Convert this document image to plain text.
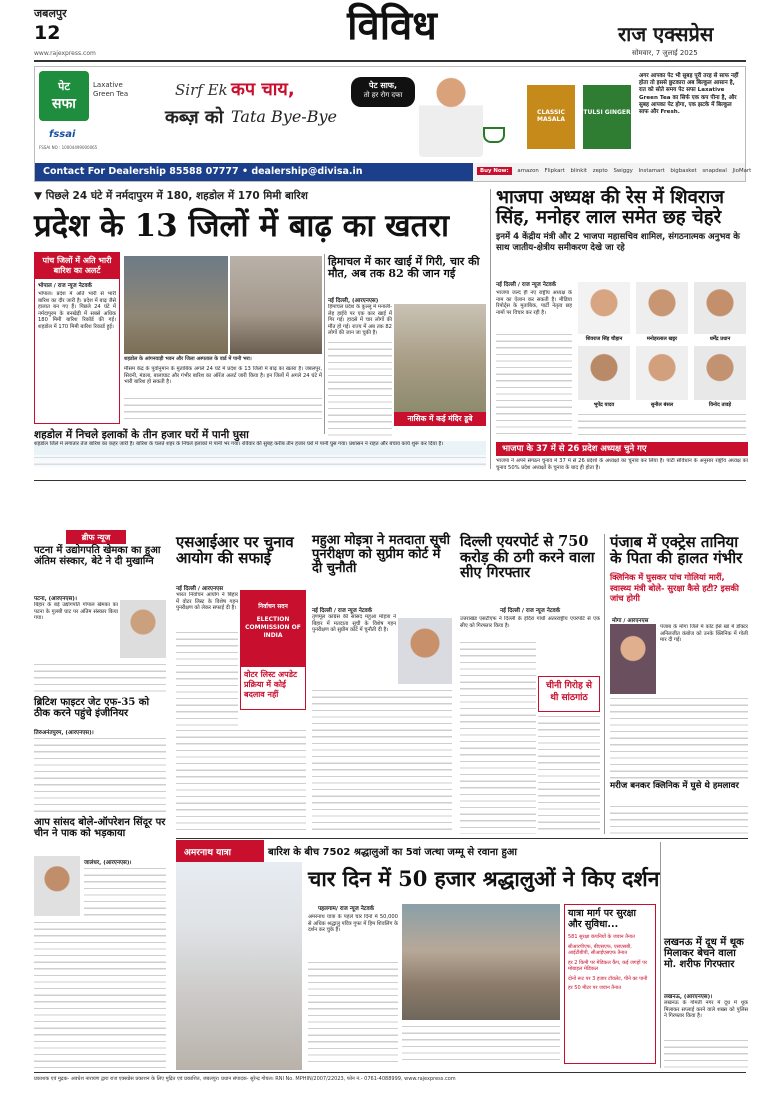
जबलपुर
12
www.rajexpress.com
विविध	राज एक्सप्रेस
सोमवार, 7 जुलाई 2025
पेट
सफा
Laxative Green Tea
fssai
FSSAI NO : 10004499000065
Sirf Ek कप चाय,
कब्ज़ को Tata Bye-Bye
पेट साफ,
तो हर रोग दफा
CLASSIC MASALA
TULSI GINGER
अगर आपका पेट भी सुबह पूरी तरह से साफ नहीं होता तो इससे छुटकारा अब बिल्कुल आसान है, रात को सोते समय पेट सफा Laxative Green Tea का सिर्फ एक कप पीना है, और सुबह आपका पेट होगा, एक झटके में बिल्कुल साफ और Fresh.
Contact For Dealership 85588 07777 • dealership@divisa.in	Buy Now: amazon Flipkart blinkit zepto Swiggy Instamart bigbasket snapdeal JioMart
▼ पिछले 24 घंटे में नर्मदापुरम में 180, शहडोल में 170 मिमी बारिश
प्रदेश के 13 जिलों में बाढ़ का खतरा
पांच जिलों में अति भारी बारिश का अलर्ट
भोपाल / राज न्यूज नेटवर्क
भोपाल। प्रदेश में अति भारी से भारी बारिश का दौर जारी है। प्रदेश में बाढ़ जैसे हालात बन गए हैं। पिछले 24 घंटे में नर्मदापुरम के बनखेड़ी में सबसे अधिक 180 मिमी बारिश रिकॉर्ड की गई। शहडोल में 170 मिमी बारिश रिकार्ड हुई।
शहडोल के आंगनवाड़ी भवन और जिला अस्पताल के वार्ड में पानी भरा।
मौसम केंद्र के पूर्वानुमान के मुताबिक अगले 24 घंटे में प्रदेश के 13 जिलों में बाढ़ का खतरा है। जबलपुर, सिवनी, मंडला, बालाघाट और गंभीर बारिश का ऑरेंज अलर्ट जारी किया है। इन जिलों में अगले 24 घंटे में भारी बारिश हो सकती है।
शहडोल में निचले इलाकों के तीन हजार घरों में पानी घुसा
शहडोल जिले में लगातार तेज बारिश का कहर जारी है। बारिश के चलते शहर के निचले इलाकों में पानी भर गया। रविवार की सुबह करीब तीन हजार घरों में पानी घुस गया। प्रशासन ने राहत और बचाव कार्य शुरू कर दिया है।
हिमाचल में कार खाई में गिरी, चार की मौत, अब तक 82 की जान गई
नई दिल्ली, (आरएनएस)
हिमाचल प्रदेश के कुल्लू में मनाली-लेह हाईवे पर एक कार खाई में गिर गई। हादसे में चार लोगों की मौत हो गई। राज्य में अब तक 82 लोगों की जान जा चुकी है।
नासिक में कई मंदिर डूबे
भाजपा अध्यक्ष की रेस में शिवराज सिंह, मनोहर लाल समेत छह चेहरे
इनमें 4 केंद्रीय मंत्री और 2 भाजपा महासचिव शामिल, संगठनात्मक अनुभव के साथ जातीय-क्षेत्रीय समीकरण देखे जा रहे
नई दिल्ली / राज न्यूज नेटवर्क
भाजपा जल्द ही नए राष्ट्रीय अध्यक्ष के नाम का ऐलान कर सकती है। मीडिया रिपोर्ट्स के मुताबिक, पार्टी नेतृत्व छह नामों पर विचार कर रही है।
शिवराज सिंह चौहान	मनोहरलाल खट्टर	धर्मेंद्र प्रधान
भूपेंद्र यादव	सुनील बंसल	विनोद तावड़े
भाजपा के 37 में से 26 प्रदेश अध्यक्ष चुने गए
भाजपा ने अपने संगठन चुनाव में 37 में से 26 प्रदेशों के अध्यक्षों का चुनाव कर लिया है। पार्टी संविधान के अनुसार राष्ट्रीय अध्यक्ष का चुनाव 50% प्रदेश अध्यक्षों के चुनाव के बाद ही होता है।
ब्रीफ न्यूज
पटना में उद्योगपति खेमका का हुआ अंतिम संस्कार, बेटे ने दी मुखाग्नि
पटना, (आरएनएस)।
बिहार के बड़े उद्योगपति गोपाल खेमका का पटना के गुलबी घाट पर अंतिम संस्कार किया गया।
ब्रिटिश फाइटर जेट एफ-35 को ठीक करने पहुंचे इंजीनियर
तिरुअनंतपुरम, (आरएनएस)।
आप सांसद बोले-ऑपरेशन सिंदूर पर चीन ने पाक को भड़काया
जालंधर, (आरएनएस)।
एसआईआर पर चुनाव आयोग की सफाई
नई दिल्ली / आरएनएस
भारत निर्वाचन आयोग ने बिहार में वोटर लिस्ट के विशेष गहन पुनरीक्षण को लेकर सफाई दी है।	निर्वाचन सदन
ELECTION COMMISSION OF INDIA
वोटर लिस्ट अपडेट प्रक्रिया में कोई बदलाव नहीं
महुआ मोइत्रा ने मतदाता सूची पुनरीक्षण को सुप्रीम कोर्ट में दी चुनौती
नई दिल्ली / राज न्यूज नेटवर्क
तृणमूल कांग्रेस की सांसद महुआ मोइत्रा ने बिहार में मतदाता सूची के विशेष गहन पुनरीक्षण को सुप्रीम कोर्ट में चुनौती दी है।
दिल्ली एयरपोर्ट से 750 करोड़ की ठगी करने वाला सीए गिरफ्तार
नई दिल्ली / राज न्यूज नेटवर्क
उत्तराखंड एसटीएफ ने दिल्ली के इंदिरा गांधी अंतरराष्ट्रीय एयरपोर्ट से एक सीए को गिरफ्तार किया है।
चीनी गिरोह से थी सांठगांठ
पंजाब में एक्ट्रेस तानिया के पिता की हालत गंभीर
क्लिनिक में घुसकर पांच गोलियां मारीं, स्वास्थ्य मंत्री बोले- सुरक्षा कैसे हटी? इसकी जांच होगी
मोगा / आरएनएस
पंजाब के मोगा जिले में कोट ईसे खां में डॉक्टर अनिलजीत कंबोज को उनके क्लिनिक में गोली मार दी गई।
मरीज बनकर क्लिनिक में घुसे थे हमलावर
अमरनाथ यात्रा	बारिश के बीच 7502 श्रद्धालुओं का 5वां जत्था जम्मू से रवाना हुआ
चार दिन में 50 हजार श्रद्धालुओं ने किए दर्शन
पहलगाम/ राज न्यूज नेटवर्क
अमरनाथ यात्रा के पहले चार दिनों में 50,000 से अधिक श्रद्धालु पवित्र गुफा में हिम शिवलिंग के दर्शन कर चुके हैं।
यात्रा मार्ग पर सुरक्षा और सुविधा...
581 सुरक्षा कंपनियों के जवान तैनात
सीआरपीएफ, बीएसएफ, एसएसबी, आईटीबीपी, सीआईएसएफ तैनात
हर 2 किमी पर मेडिकल कैंप, कई जगहों पर मोबाइल मेडिकल
दोनों रूट पर 3 हजार टॉयलेट, पीने का पानी
हर 50 मीटर पर जवान तैनात
लखनऊ में दूध में थूक मिलाकर बेचने वाला मो. शरीफ गिरफ्तार
लखनऊ, (आरएनएस)।
लखनऊ के गोमती नगर में दूध में थूक मिलाकर सप्लाई करने वाले शख्स को पुलिस ने गिरफ्तार किया है।
प्रकाशक एवं मुद्रक- अवधेश नारायण द्वारा राज एक्सप्रेस प्रकाशन के लिए मुद्रित एवं प्रकाशित, जबलपुर। प्रधान संपादक- सुरेन्द्र गोयल। RNI No. MPHIN/2007/22023, फोन नं.- 0761-4088999, www.rajexpress.com
